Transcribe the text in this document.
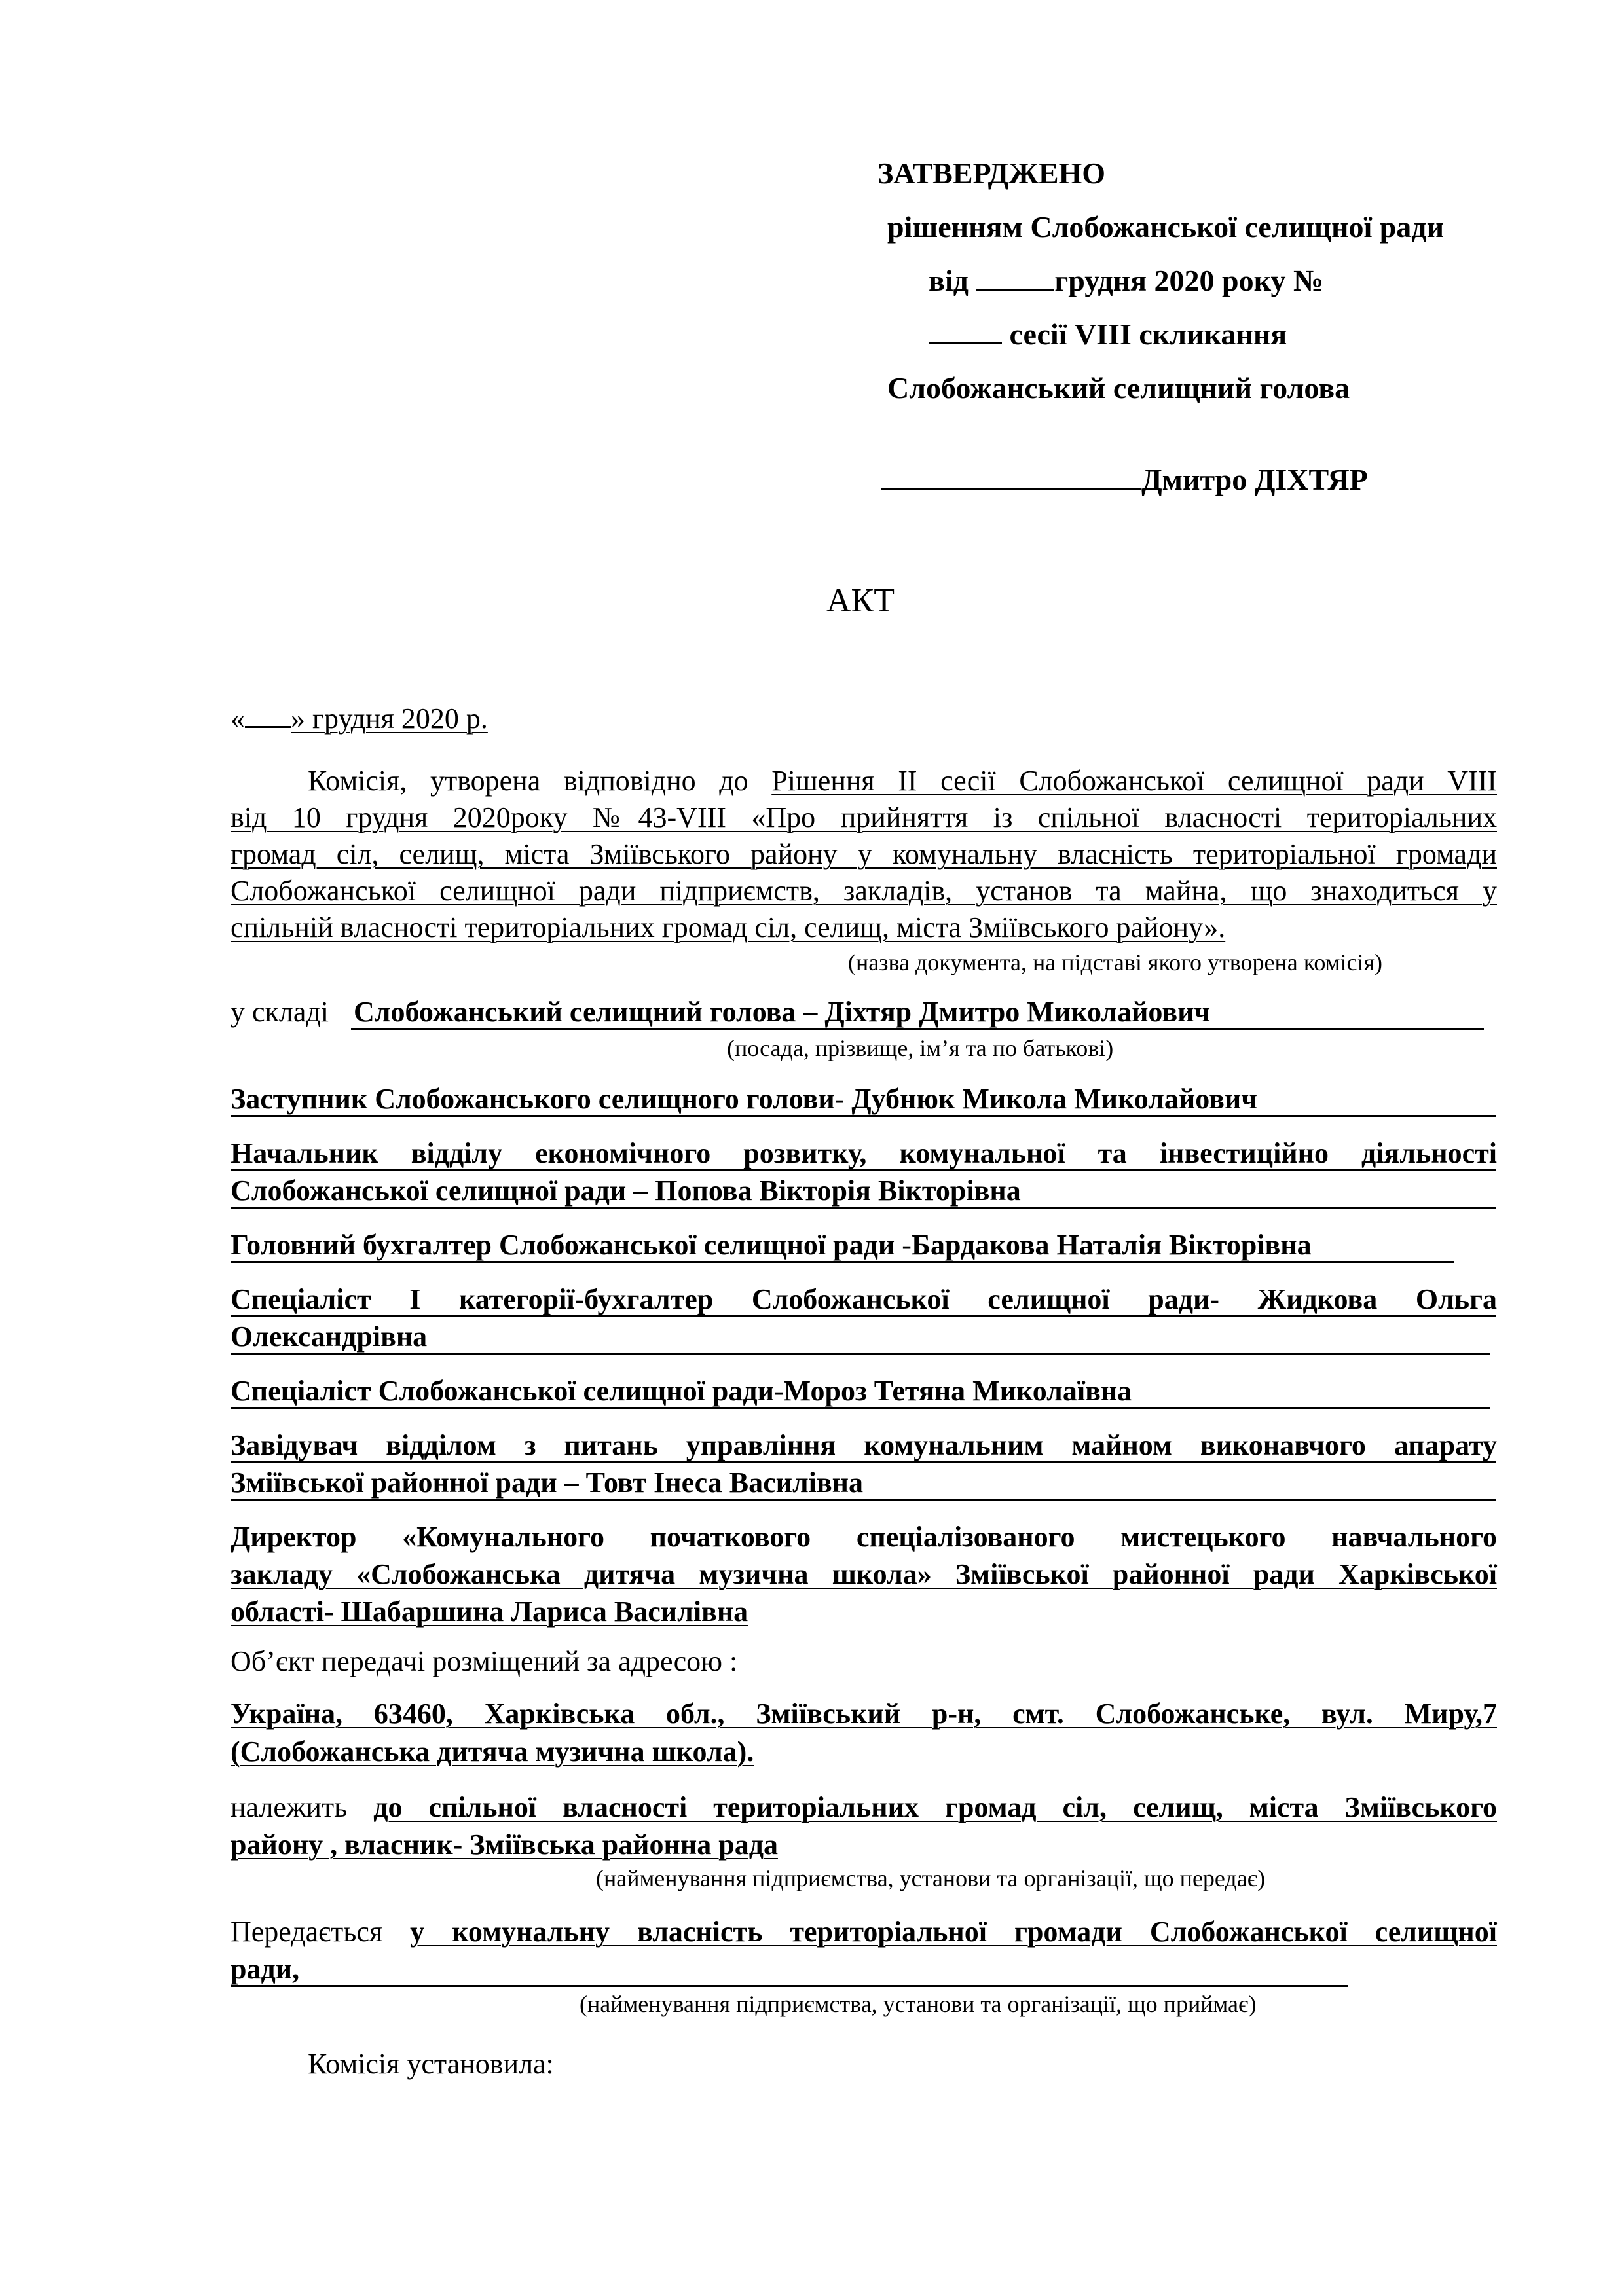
ЗАТВЕРДЖЕНО
рішенням Слобожанської селищної ради
від	грудня 2020 року №
сесії VIII скликання
Слобожанський селищний голова
Дмитро ДІХТЯР
АКТ
« » грудня 2020 р.
Комісія, утворена відповідно до Рішення II сесії Слобожанської селищної ради VIII
від 10 грудня 2020року №43-VIII «Про прийняття із спільної власності територіальних
громад сіл, селищ, міста Зміївського району у комунальну власність територіальної громади
Слобожанської селищної ради підприємств, закладів, установ та майна, що знаходиться у
спільній власності територіальних громад сіл, селищ, міста Зміївського району».
(назва документа, на підставі якого утворена комісія)
у складі Слобожанський селищний голова – Діхтяр Дмитро Миколайович
(посада, прізвище, ім’я та по батькові)
Заступник Слобожанського селищного голови- Дубнюк Микола Миколайович
Начальник відділу економічного розвитку, комунальної та інвестиційно діяльності
Слобожанської селищної ради – Попова Вікторія Вікторівна
Головний бухгалтер Слобожанської селищної ради -Бардакова Наталія Вікторівна
Спеціаліст I категорії-бухгалтер Слобожанської селищної ради- Жидкова Ольга
Олександрівна
Спеціаліст Слобожанської селищної ради-Мороз Тетяна Миколаївна
Завідувач відділом з питань управління комунальним майном виконавчого апарату
Зміївської районної ради – Товт Інеса Василівна
Директор «Комунального початкового спеціалізованого мистецького навчального
закладу «Слобожанська дитяча музична школа» Зміївської районної ради Харківської
області- Шабаршина Лариса Василівна
Об’єкт передачі розміщений за адресою :
Україна, 63460, Харківська обл., Зміївський р-н, смт. Слобожанське, вул. Миру,7
(Слобожанська дитяча музична школа).
належить до спільної власності територіальних громад сіл, селищ, міста Зміївського
району , власник- Зміївська районна рада
(найменування підприємства, установи та організації, що передає)
Передається у комунальну власність територіальної громади Слобожанської селищної
ради,
(найменування підприємства, установи та організації, що приймає)
Комісія установила:
